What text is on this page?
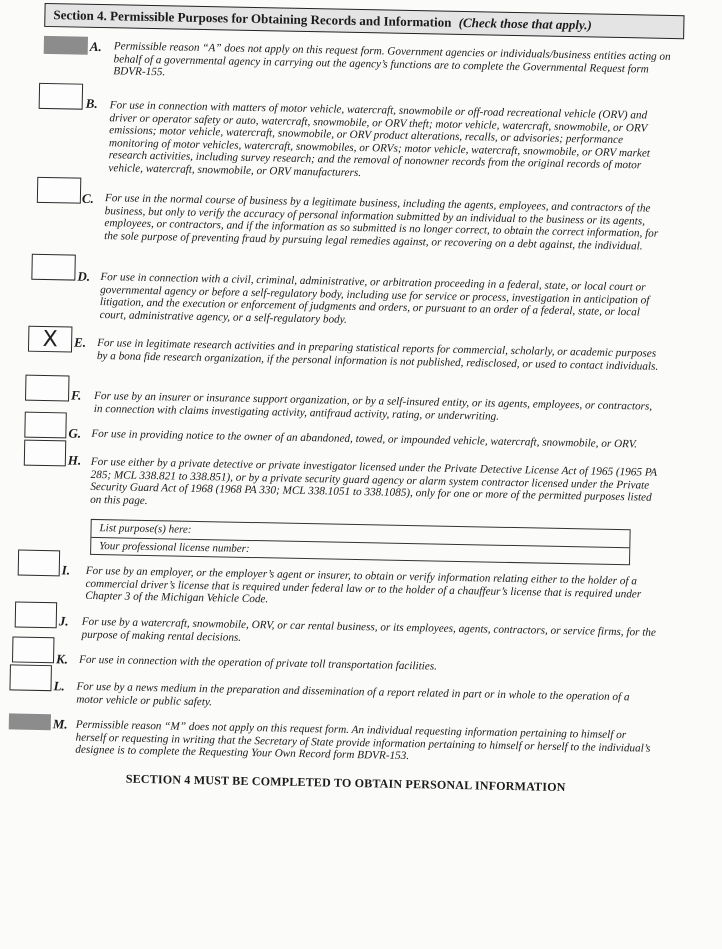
Section 4. Permissible Purposes for Obtaining Records and Information (Check those that apply.)
A. Permissible reason “A” does not apply on this request form. Government agencies or individuals/business entities acting on behalf of a governmental agency in carrying out the agency’s functions are to complete the Governmental Request form BDVR-155.
B. For use in connection with matters of motor vehicle, watercraft, snowmobile or off-road recreational vehicle (ORV) and driver or operator safety or auto, watercraft, snowmobile, or ORV theft; motor vehicle, watercraft, snowmobile, or ORV emissions; motor vehicle, watercraft, snowmobile, or ORV product alterations, recalls, or advisories; performance monitoring of motor vehicles, watercraft, snowmobiles, or ORVs; motor vehicle, watercraft, snowmobile, or ORV market research activities, including survey research; and the removal of nonowner records from the original records of motor vehicle, watercraft, snowmobile, or ORV manufacturers.
C. For use in the normal course of business by a legitimate business, including the agents, employees, and contractors of the business, but only to verify the accuracy of personal information submitted by an individual to the business or its agents, employees, or contractors, and if the information as so submitted is no longer correct, to obtain the correct information, for the sole purpose of preventing fraud by pursuing legal remedies against, or recovering on a debt against, the individual.
D. For use in connection with a civil, criminal, administrative, or arbitration proceeding in a federal, state, or local court or governmental agency or before a self-regulatory body, including use for service or process, investigation in anticipation of litigation, and the execution or enforcement of judgments and orders, or pursuant to an order of a federal, state, or local court, administrative agency, or a self-regulatory body.
X	E. For use in legitimate research activities and in preparing statistical reports for commercial, scholarly, or academic purposes by a bona fide research organization, if the personal information is not published, redisclosed, or used to contact individuals.
F. For use by an insurer or insurance support organization, or by a self-insured entity, or its agents, employees, or contractors, in connection with claims investigating activity, antifraud activity, rating, or underwriting.
G. For use in providing notice to the owner of an abandoned, towed, or impounded vehicle, watercraft, snowmobile, or ORV.
H. For use either by a private detective or private investigator licensed under the Private Detective License Act of 1965 (1965 PA 285; MCL 338.821 to 338.851), or by a private security guard agency or alarm system contractor licensed under the Private Security Guard Act of 1968 (1968 PA 330; MCL 338.1051 to 338.1085), only for one or more of the permitted purposes listed on this page.
List purpose(s) here:
Your professional license number:
I. For use by an employer, or the employer’s agent or insurer, to obtain or verify information relating either to the holder of a commercial driver’s license that is required under federal law or to the holder of a chauffeur’s license that is required under Chapter 3 of the Michigan Vehicle Code.
J. For use by a watercraft, snowmobile, ORV, or car rental business, or its employees, agents, contractors, or service firms, for the purpose of making rental decisions.
K. For use in connection with the operation of private toll transportation facilities.
L. For use by a news medium in the preparation and dissemination of a report related in part or in whole to the operation of a motor vehicle or public safety.
M. Permissible reason “M” does not apply on this request form. An individual requesting information pertaining to himself or herself or requesting in writing that the Secretary of State provide information pertaining to himself or herself to the individual’s designee is to complete the Requesting Your Own Record form BDVR-153.
SECTION 4 MUST BE COMPLETED TO OBTAIN PERSONAL INFORMATION
